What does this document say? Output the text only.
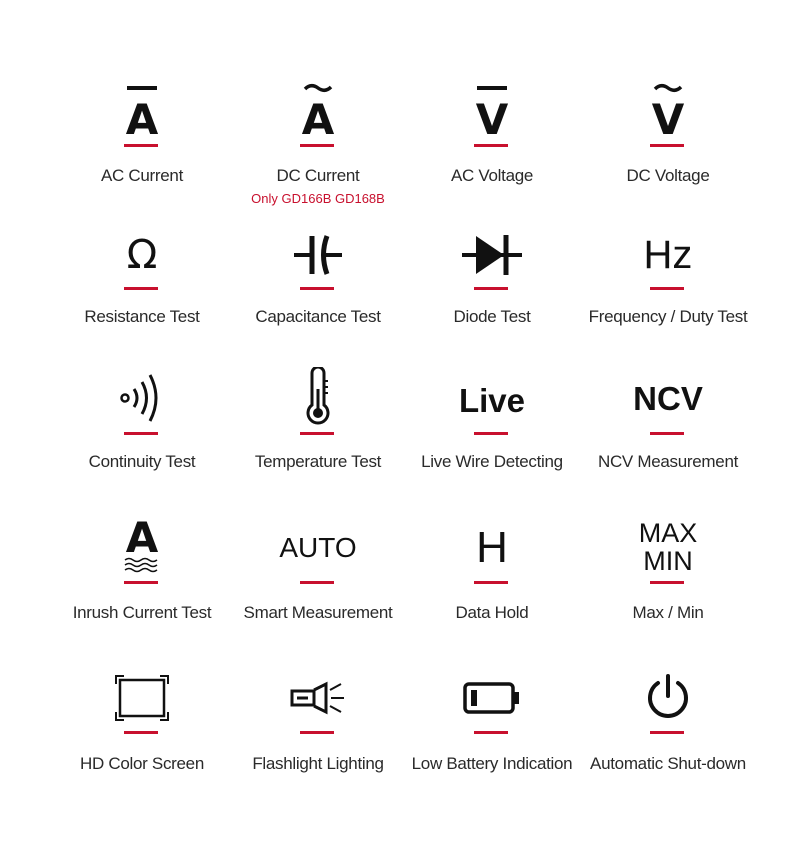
A
AC Current
A
DC Current
Only GD166B GD168B
V
AC Voltage
V
DC Voltage
Ω
Resistance Test	Capacitance Test	Diode Test
Hz
Frequency / Duty Test
Continuity Test	Temperature Test
Live
Live Wire Detecting
NCV
NCV Measurement
A
Inrush Current Test
AUTO
Smart Measurement
H
Data Hold
MAX
MIN
Max / Min
HD Color Screen	Flashlight Lighting	Low Battery Indication	Automatic Shut-down
